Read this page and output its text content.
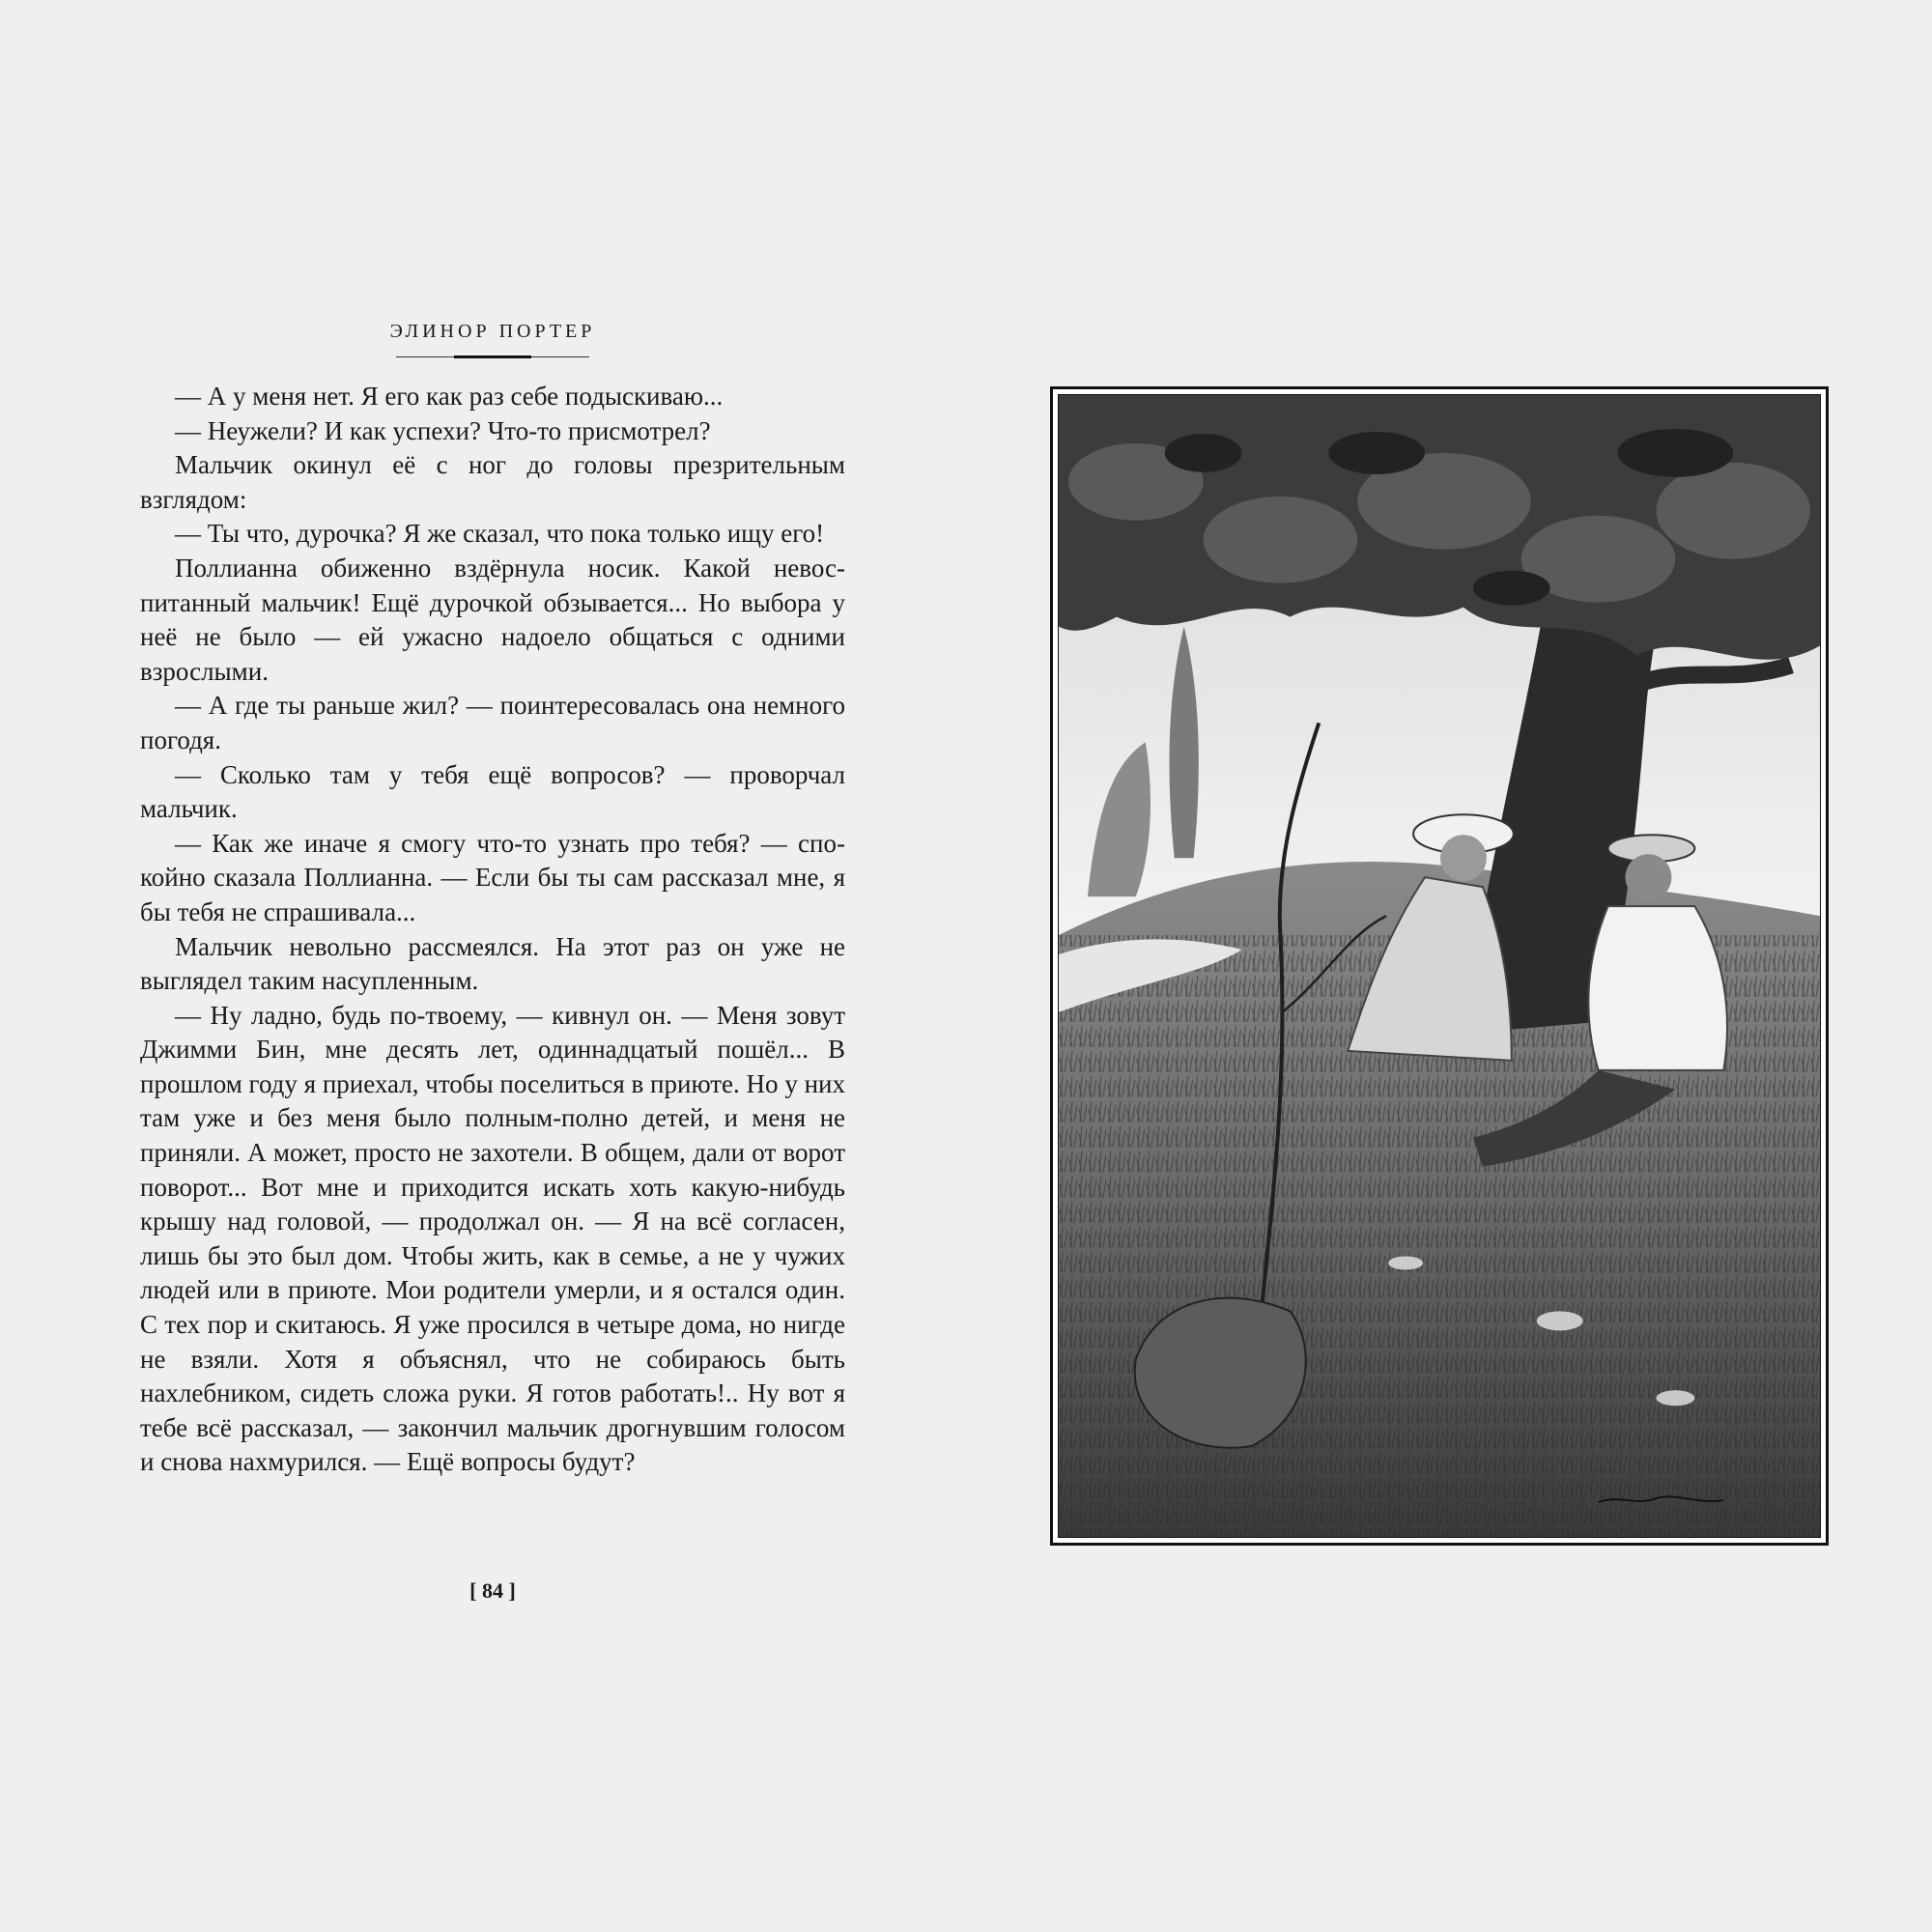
ЭЛИНОР ПОРТЕР

— А у меня нет. Я его как раз себе подыскиваю...

— Неужели? И как успехи? Что-то присмотрел?

Мальчик окинул её с ног до головы презрительным взглядом:

— Ты что, дурочка? Я же сказал, что пока только ищу его!

Поллианна обиженно вздёрнула носик. Какой невоспитанный мальчик! Ещё дурочкой обзывается... Но выбора у неё не было — ей ужасно надоело общаться с одними взрослыми.

— А где ты раньше жил? — поинтересовалась она немного погодя.

— Сколько там у тебя ещё вопросов? — проворчал мальчик.

— Как же иначе я смогу что-то узнать про тебя? — спокойно сказала Поллианна. — Если бы ты сам рассказал мне, я бы тебя не спрашивала...

Мальчик невольно рассмеялся. На этот раз он уже не выглядел таким насупленным.

— Ну ладно, будь по-твоему, — кивнул он. — Меня зовут Джимми Бин, мне десять лет, одиннадцатый пошёл... В прошлом году я приехал, чтобы поселиться в приюте. Но у них там уже и без меня было полным-полно детей, и меня не приняли. А может, просто не захотели. В общем, дали от ворот поворот... Вот мне и приходится искать хоть какую-нибудь крышу над головой, — продолжал он. — Я на всё согласен, лишь бы это был дом. Чтобы жить, как в семье, а не у чужих людей или в приюте. Мои родители умерли, и я остался один. С тех пор и скитаюсь. Я уже просился в четыре дома, но нигде не взяли. Хотя я объяснял, что не собираюсь быть нахлебником, сидеть сложа руки. Я готов работать!.. Ну вот я тебе всё рассказал, — закончил мальчик дрогнувшим голосом и снова нахмурился. — Ещё вопросы будут?

[ 84 ]
